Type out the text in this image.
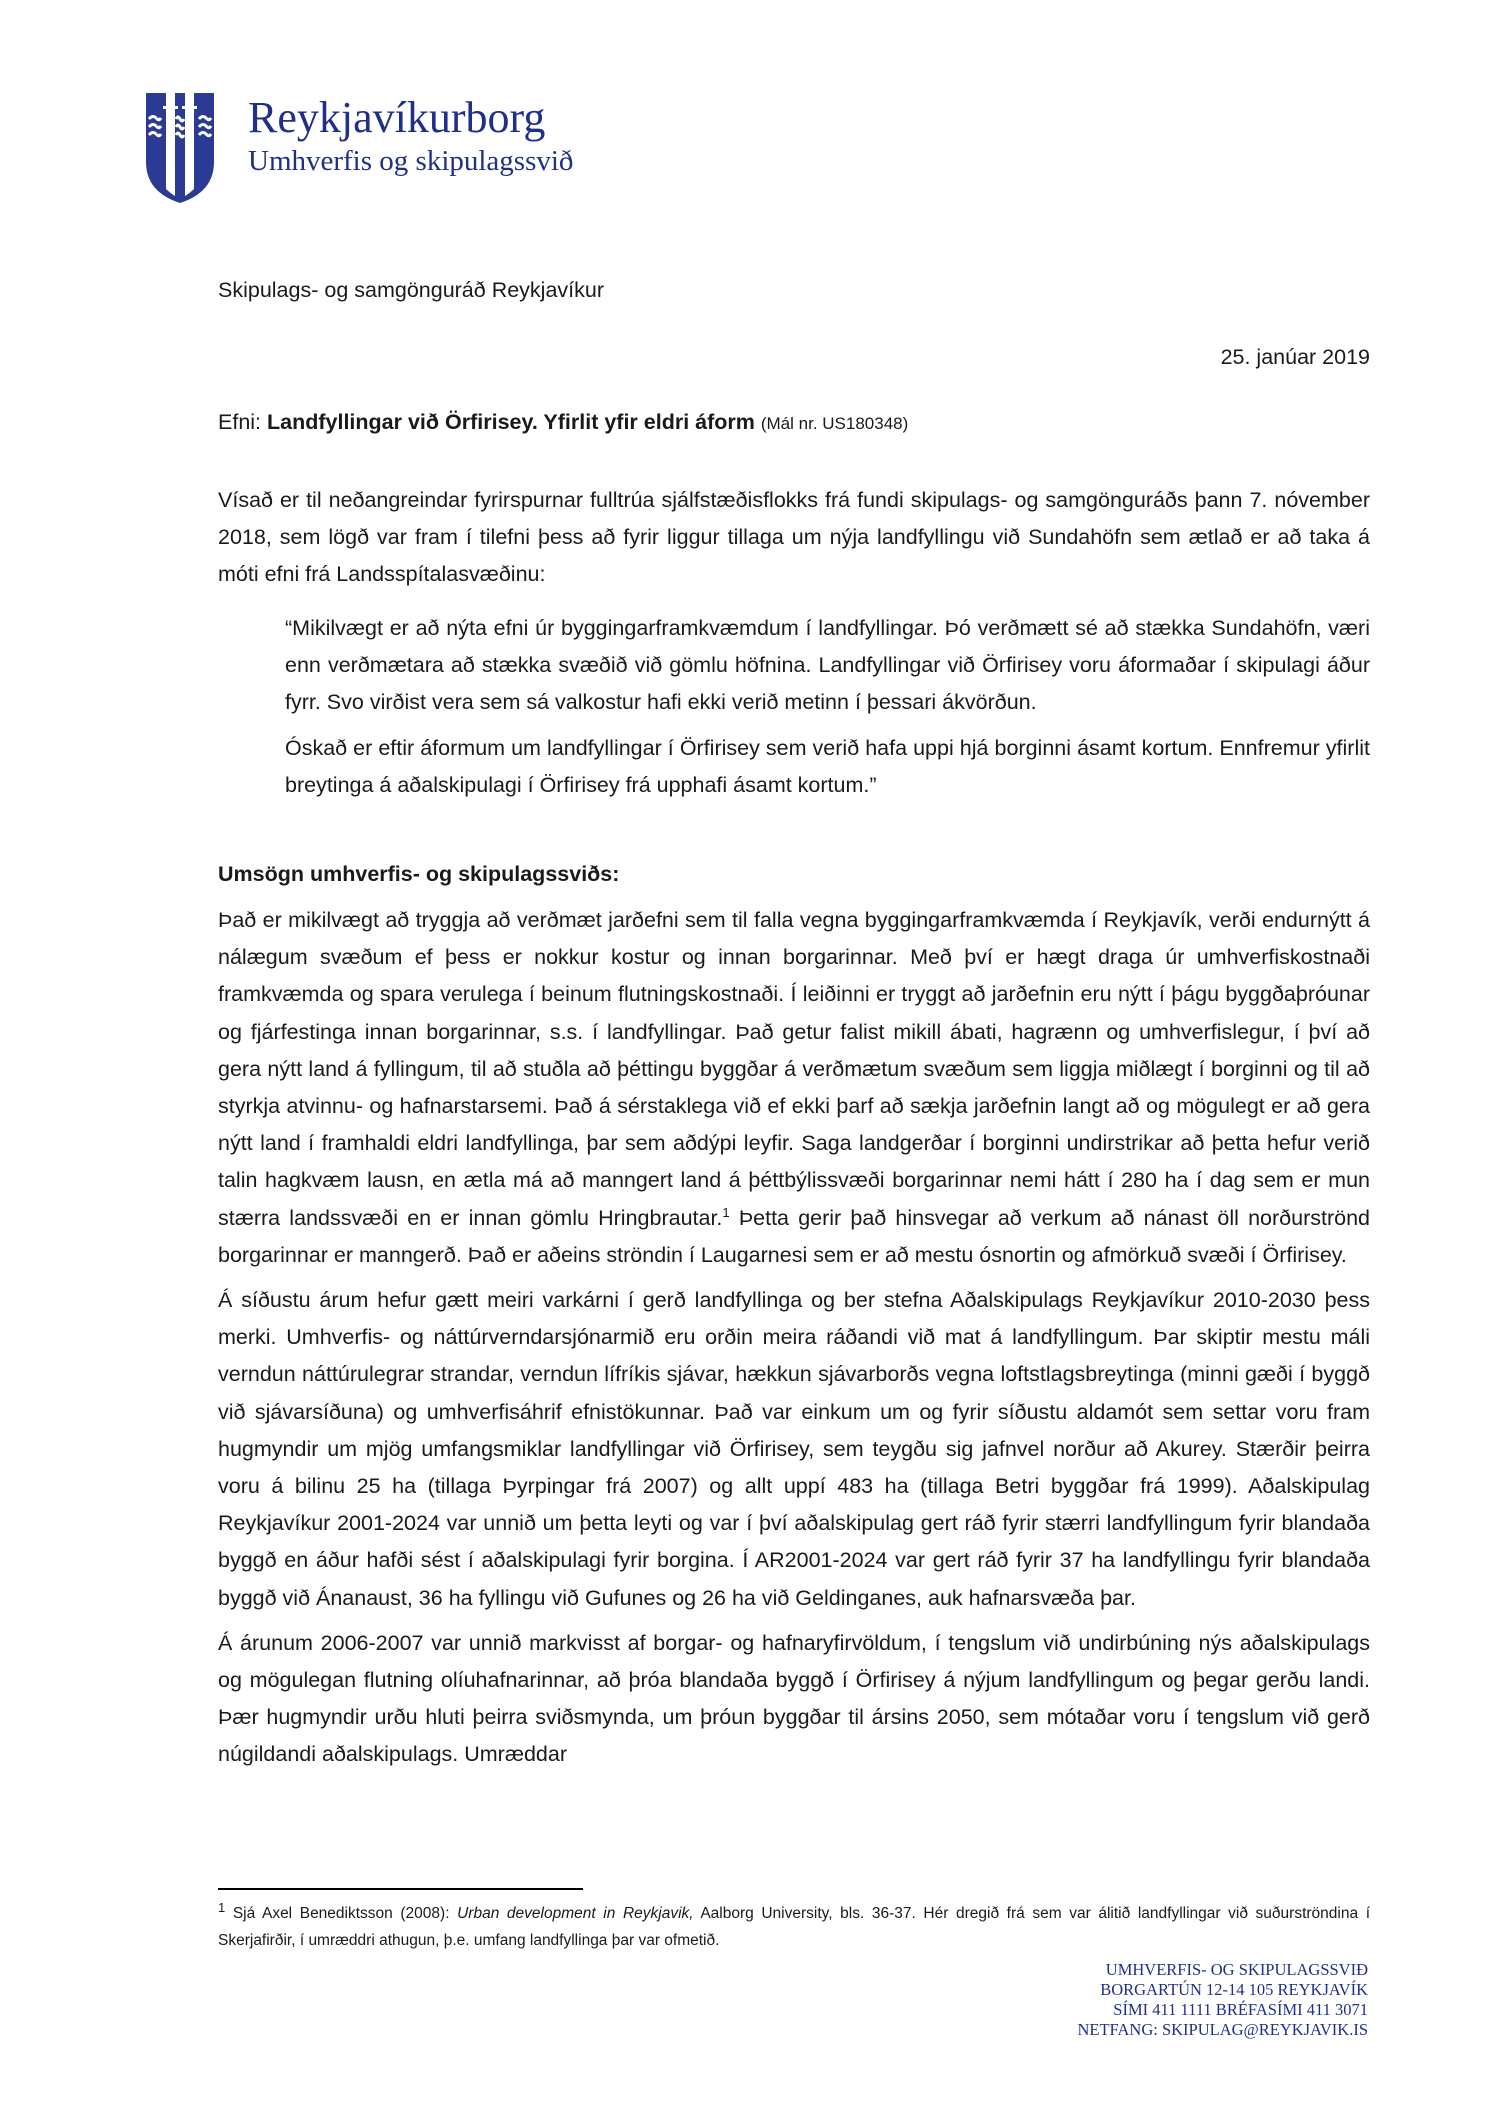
Reykjavíkurborg
Umhverfis og skipulagssvið
Skipulags- og samgönguráð Reykjavíkur
25. janúar 2019
Efni: Landfyllingar við Örfirisey. Yfirlit yfir eldri áform (Mál nr. US180348)

Vísað er til neðangreindar fyrirspurnar fulltrúa sjálfstæðisflokks frá fundi skipulags- og samgönguráðs þann 7. nóvember 2018, sem lögð var fram í tilefni þess að fyrir liggur tillaga um nýja landfyllingu við Sundahöfn sem ætlað er að taka á móti efni frá Landsspítalasvæðinu:

“Mikilvægt er að nýta efni úr byggingarframkvæmdum í landfyllingar. Þó verðmætt sé að stækka Sundahöfn, væri enn verðmætara að stækka svæðið við gömlu höfnina. Landfyllingar við Örfirisey voru áformaðar í skipulagi áður fyrr. Svo virðist vera sem sá valkostur hafi ekki verið metinn í þessari ákvörðun.

Óskað er eftir áformum um landfyllingar í Örfirisey sem verið hafa uppi hjá borginni ásamt kortum. Ennfremur yfirlit breytinga á aðalskipulagi í Örfirisey frá upphafi ásamt kortum.”

Umsögn umhverfis- og skipulagssviðs:

Það er mikilvægt að tryggja að verðmæt jarðefni sem til falla vegna byggingarframkvæmda í Reykjavík, verði endurnýtt á nálægum svæðum ef þess er nokkur kostur og innan borgarinnar. Með því er hægt draga úr umhverfiskostnaði framkvæmda og spara verulega í beinum flutningskostnaði. Í leiðinni er tryggt að jarðefnin eru nýtt í þágu byggðaþróunar og fjárfestinga innan borgarinnar, s.s. í landfyllingar. Það getur falist mikill ábati, hagrænn og umhverfislegur, í því að gera nýtt land á fyllingum, til að stuðla að þéttingu byggðar á verðmætum svæðum sem liggja miðlægt í borginni og til að styrkja atvinnu- og hafnarstarsemi. Það á sérstaklega við ef ekki þarf að sækja jarðefnin langt að og mögulegt er að gera nýtt land í framhaldi eldri landfyllinga, þar sem aðdýpi leyfir. Saga landgerðar í borginni undirstrikar að þetta hefur verið talin hagkvæm lausn, en ætla má að manngert land á þéttbýlissvæði borgarinnar nemi hátt í 280 ha í dag sem er mun stærra landssvæði en er innan gömlu Hringbrautar.$^1$ Þetta gerir það hinsvegar að verkum að nánast öll norðurströnd borgarinnar er manngerð. Það er aðeins ströndin í Laugarnesi sem er að mestu ósnortin og afmörkuð svæði í Örfirisey.

Á síðustu árum hefur gætt meiri varkárni í gerð landfyllinga og ber stefna Aðalskipulags Reykjavíkur 2010-2030 þess merki. Umhverfis- og náttúrverndarsjónarmið eru orðin meira ráðandi við mat á landfyllingum. Þar skiptir mestu máli verndun náttúrulegrar strandar, verndun lífríkis sjávar, hækkun sjávarborðs vegna loftstlagsbreytinga (minni gæði í byggð við sjávarsíðuna) og umhverfisáhrif efnistökunnar. Það var einkum um og fyrir síðustu aldamót sem settar voru fram hugmyndir um mjög umfangsmiklar landfyllingar við Örfirisey, sem teygðu sig jafnvel norður að Akurey. Stærðir þeirra voru á bilinu 25 ha (tillaga Þyrpingar frá 2007) og allt uppí 483 ha (tillaga Betri byggðar frá 1999). Aðalskipulag Reykjavíkur 2001-2024 var unnið um þetta leyti og var í því aðalskipulag gert ráð fyrir stærri landfyllingum fyrir blandaða byggð en áður hafði sést í aðalskipulagi fyrir borgina. Í AR2001-2024 var gert ráð fyrir 37 ha landfyllingu fyrir blandaða byggð við Ánanaust, 36 ha fyllingu við Gufunes og 26 ha við Geldinganes, auk hafnarsvæða þar.

Á árunum 2006-2007 var unnið markvisst af borgar- og hafnaryfirvöldum, í tengslum við undirbúning nýs aðalskipulags og mögulegan flutning olíuhafnarinnar, að þróa blandaða byggð í Örfirisey á nýjum landfyllingum og þegar gerðu landi. Þær hugmyndir urðu hluti þeirra sviðsmynda, um þróun byggðar til ársins 2050, sem mótaðar voru í tengslum við gerð núgildandi aðalskipulags. Umræddar

$^1$ Sjá Axel Benediktsson (2008): Urban development in Reykjavik, Aalborg University, bls. 36-37. Hér dregið frá sem var álitið landfyllingar við suðurströndina í Skerjafirðir, í umræddri athugun, þ.e. umfang landfyllinga þar var ofmetið.
UMHVERFIS- OG SKIPULAGSSVIÐ
BORGARTÚN 12-14 105 REYKJAVÍK
SÍMI 411 1111 BRÉFASÍMI 411 3071
NETFANG: SKIPULAG@REYKJAVIK.IS
